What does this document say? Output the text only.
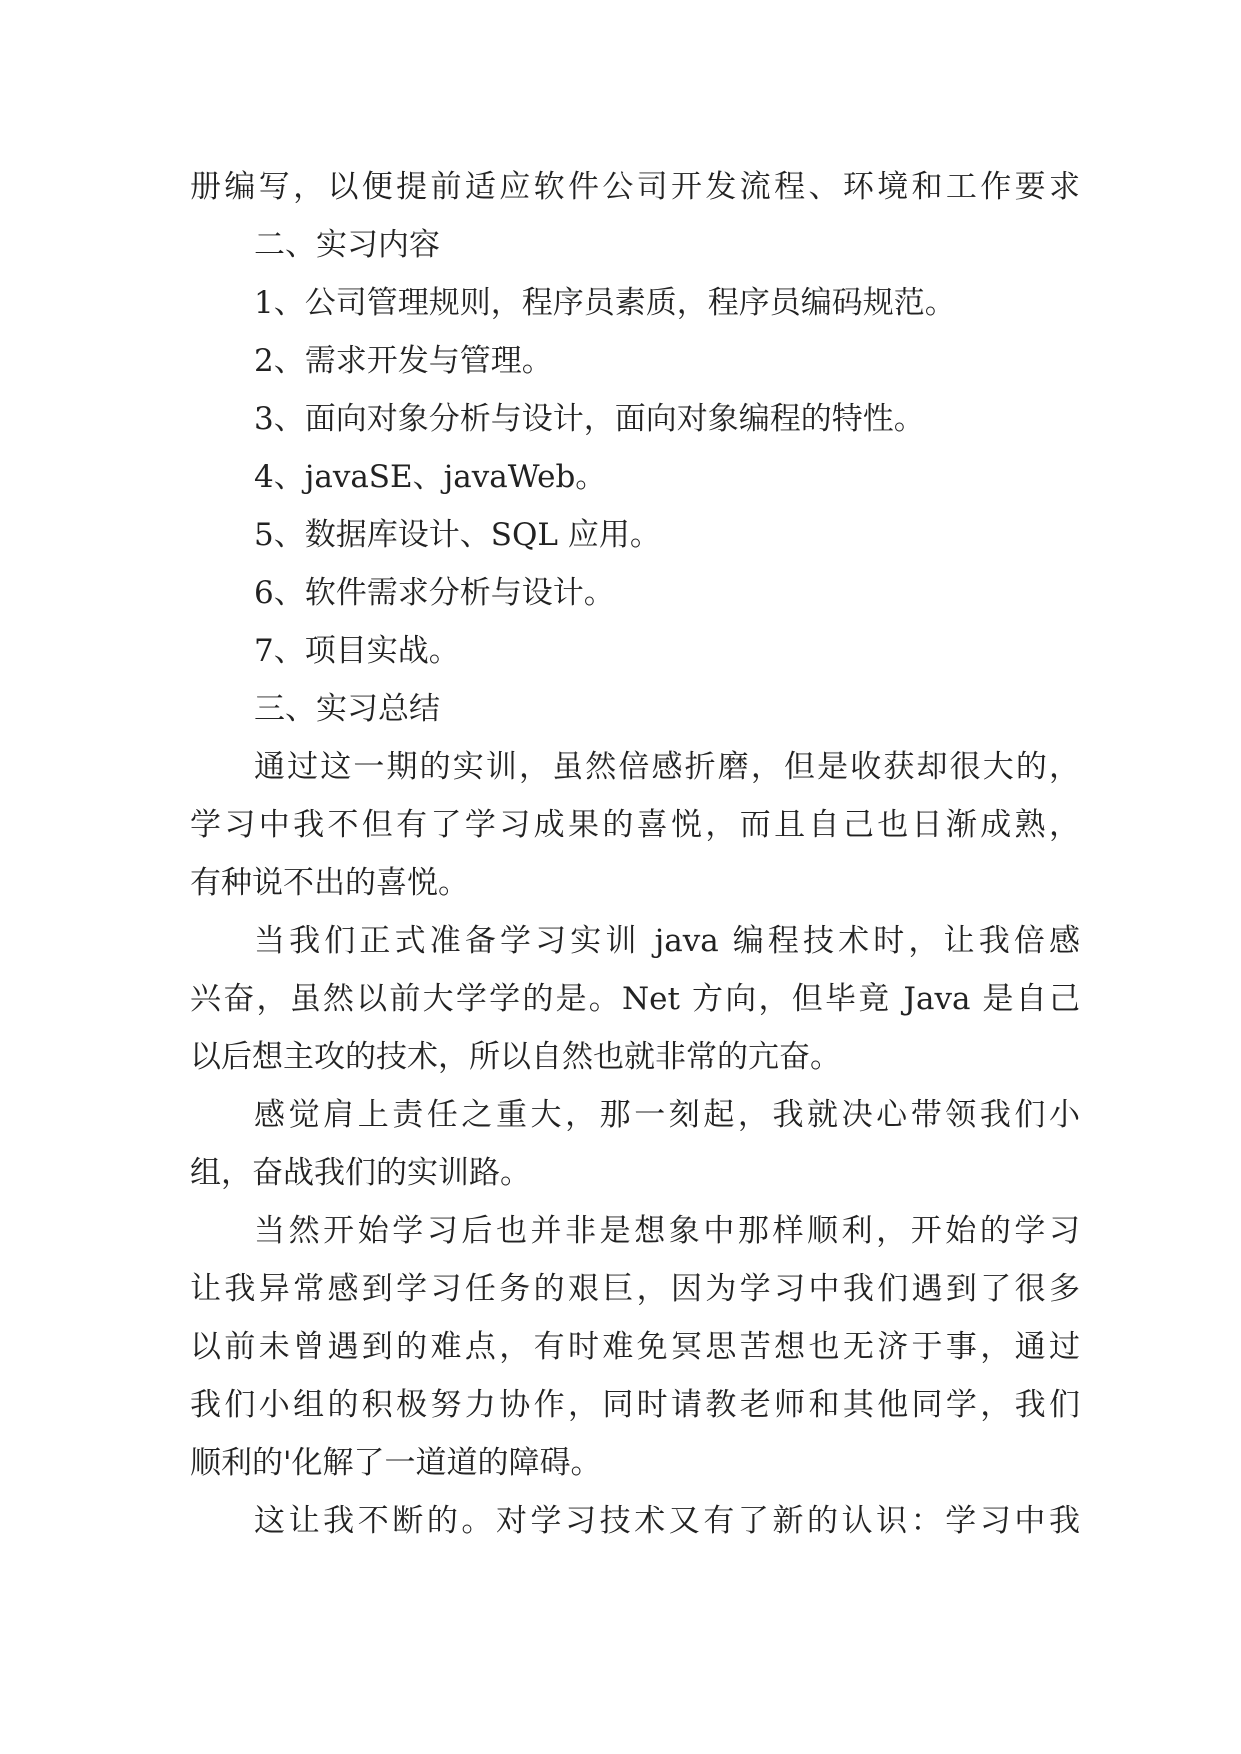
册编写，以便提前适应软件公司开发流程、环境和工作要求

二、实习内容

1、公司管理规则，程序员素质，程序员编码规范。

2、需求开发与管理。

3、面向对象分析与设计，面向对象编程的特性。

4、javaSE、javaWeb。

5、数据库设计、SQL 应用。

6、软件需求分析与设计。

7、项目实战。

三、实习总结

通过这一期的实训，虽然倍感折磨，但是收获却很大的，

学习中我不但有了学习成果的喜悦，而且自己也日渐成熟，

有种说不出的喜悦。

当我们正式准备学习实训 java 编程技术时，让我倍感

兴奋，虽然以前大学学的是。Net 方向，但毕竟 Java 是自己

以后想主攻的技术，所以自然也就非常的亢奋。

感觉肩上责任之重大，那一刻起，我就决心带领我们小

组，奋战我们的实训路。

当然开始学习后也并非是想象中那样顺利，开始的学习

让我异常感到学习任务的艰巨，因为学习中我们遇到了很多

以前未曾遇到的难点，有时难免冥思苦想也无济于事，通过

我们小组的积极努力协作，同时请教老师和其他同学，我们

顺利的'化解了一道道的障碍。

这让我不断的。对学习技术又有了新的认识：学习中我
